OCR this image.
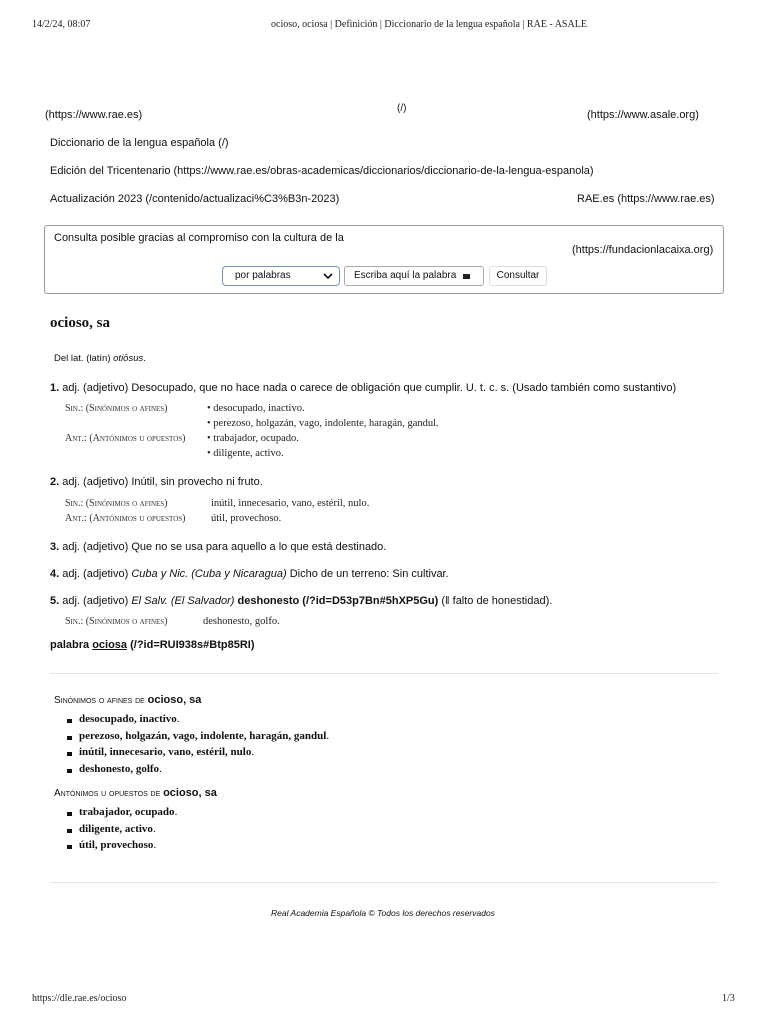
14/2/24, 08:07	ocioso, ociosa | Definición | Diccionario de la lengua española | RAE - ASALE
(https://www.rae.es)
(/)
(https://www.asale.org)
Diccionario de la lengua española (/)
Edición del Tricentenario (https://www.rae.es/obras-academicas/diccionarios/diccionario-de-la-lengua-espanola)
Actualización 2023 (/contenido/actualizaci%C3%B3n-2023)	RAE.es (https://www.rae.es)
Consulta posible gracias al compromiso con la cultura de la
(https://fundacionlacaixa.org)
por palabras	Escriba aquí la palabra	Consultar
ocioso, sa
Del lat. (latín) otiōsus.
1. adj. (adjetivo) Desocupado, que no hace nada o carece de obligación que cumplir. U. t. c. s. (Usado también como sustantivo)
Sin.: (Sinónimos o afines)	• desocupado, inactivo.
• perezoso, holgazán, vago, indolente, haragán, gandul.
Ant.: (Antónimos u opuestos) • trabajador, ocupado.
• diligente, activo.
2. adj. (adjetivo) Inútil, sin provecho ni fruto.
Sin.: (Sinónimos o afines)	inútil, innecesario, vano, estéril, nulo.
Ant.: (Antónimos u opuestos) útil, provechoso.
3. adj. (adjetivo) Que no se usa para aquello a lo que está destinado.
4. adj. (adjetivo) Cuba y Nic. (Cuba y Nicaragua) Dicho de un terreno: Sin cultivar.
5. adj. (adjetivo) El Salv. (El Salvador) deshonesto (/?id=D53p7Bn#5hXP5Gu) (‖ falto de honestidad).
Sin.: (Sinónimos o afines)	deshonesto, golfo.
palabra ociosa (/?id=RUI938s#Btp85RI)
Sinónimos o afines de ocioso, sa
desocupado, inactivo.
perezoso, holgazán, vago, indolente, haragán, gandul.
inútil, innecesario, vano, estéril, nulo.
deshonesto, golfo.
Antónimos u opuestos de ocioso, sa
trabajador, ocupado.
diligente, activo.
útil, provechoso.
Real Academia Española © Todos los derechos reservados
https://dle.rae.es/ocioso	1/3
